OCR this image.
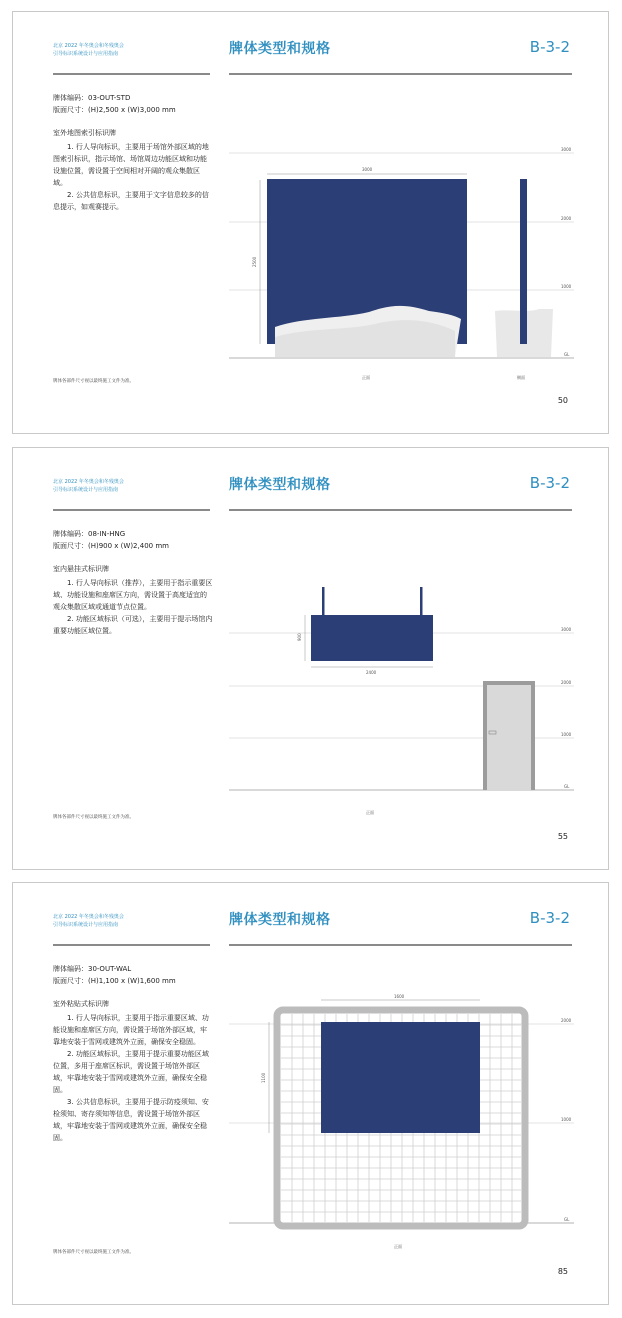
北京 2022 年冬奥会和冬残奥会
引导标识系统设计与应用指南	牌体类型和规格	B-3-2
牌体编码：03-OUT-STD
版面尺寸：(H)2,500 x (W)3,000 mm
室外地图索引标识牌

1. 行人导向标识，主要用于场馆外部区域的地图索引标识，指示场馆、场馆周边功能区域和功能设施位置，需设置于空间相对开阔的观众集散区域。

2. 公共信息标识，主要用于文字信息较多的信息提示，如观赛提示。

牌体各部件尺寸视以最终施工文件为准。
50
3000
2000
1000
GL
3000
2500
正面	侧面
北京 2022 年冬奥会和冬残奥会
引导标识系统设计与应用指南	牌体类型和规格	B-3-2
牌体编码：08-IN-HNG
版面尺寸：(H)900 x (W)2,400 mm
室内悬挂式标识牌

1. 行人导向标识（推荐），主要用于指示重要区域、功能设施和座席区方向，需设置于高度适宜的观众集散区域或通道节点位置。

2. 功能区域标识（可选），主要用于提示场馆内重要功能区域位置。

牌体各部件尺寸视以最终施工文件为准。
55
3000
2000
1000
GL
900
2400
正面
北京 2022 年冬奥会和冬残奥会
引导标识系统设计与应用指南	牌体类型和规格	B-3-2
牌体编码：30-OUT-WAL
版面尺寸：(H)1,100 x (W)1,600 mm
室外粘贴式标识牌

1. 行人导向标识，主要用于指示重要区域、功能设施和座席区方向，需设置于场馆外部区域，牢靠地安装于雪网或建筑外立面，确保安全稳固。

2. 功能区域标识，主要用于提示重要功能区域位置，多用于座席区标识，需设置于场馆外部区域，牢靠地安装于雪网或建筑外立面，确保安全稳固。

3. 公共信息标识，主要用于提示防疫须知、安检须知、寄存须知等信息，需设置于场馆外部区域，牢靠地安装于雪网或建筑外立面，确保安全稳固。

牌体各部件尺寸视以最终施工文件为准。
85
2000
1000
GL
1600
1100
正面
